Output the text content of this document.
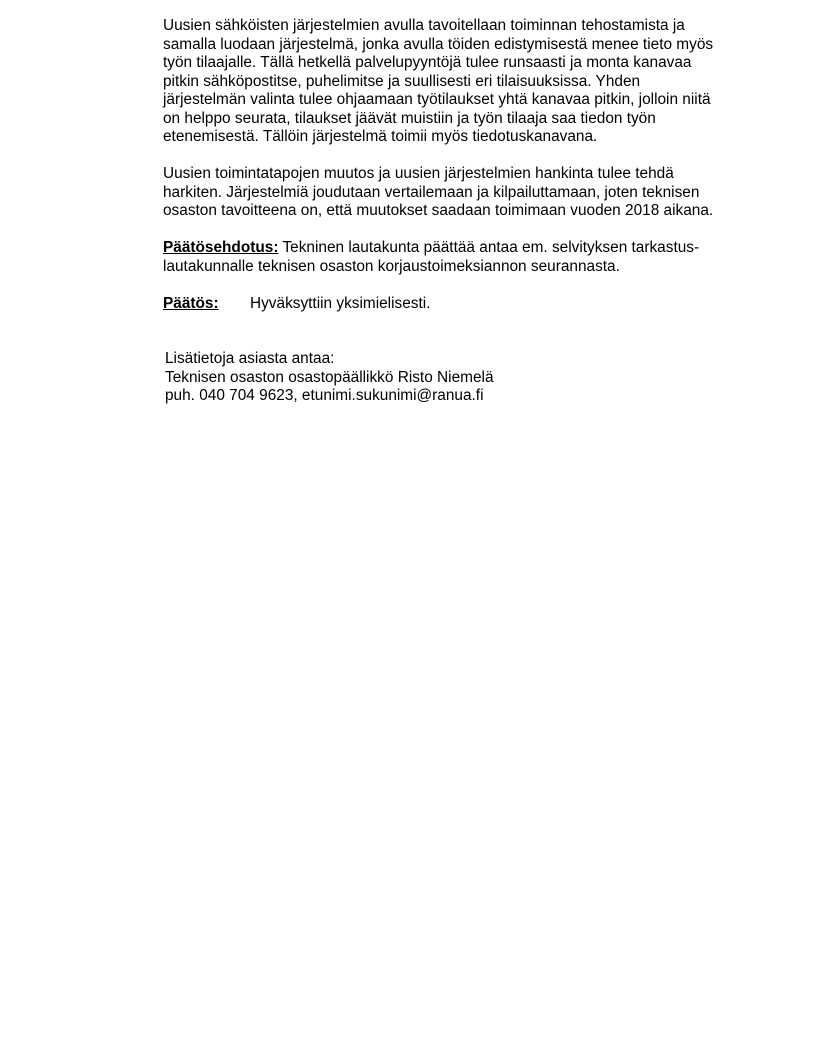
Uusien sähköisten järjestelmien avulla tavoitellaan toiminnan tehostamista ja
samalla luodaan järjestelmä, jonka avulla töiden edistymisestä menee tieto myös
työn tilaajalle. Tällä hetkellä palvelupyyntöjä tulee runsaasti ja monta kanavaa
pitkin sähköpostitse, puhelimitse ja suullisesti eri tilaisuuksissa. Yhden
järjestelmän valinta tulee ohjaamaan työtilaukset yhtä kanavaa pitkin, jolloin niitä
on helppo seurata, tilaukset jäävät muistiin ja työn tilaaja saa tiedon työn
etenemisestä. Tällöin järjestelmä toimii myös tiedotuskanavana.

Uusien toimintatapojen muutos ja uusien järjestelmien hankinta tulee tehdä
harkiten. Järjestelmiä joudutaan vertailemaan ja kilpailuttamaan, joten teknisen
osaston tavoitteena on, että muutokset saadaan toimimaan vuoden 2018 aikana.

Päätösehdotus: Tekninen lautakunta päättää antaa em. selvityksen tarkastus-
lautakunnalle teknisen osaston korjaustoimeksiannon seurannasta.

Päätös: Hyväksyttiin yksimielisesti.

Lisätietoja asiasta antaa:
Teknisen osaston osastopäällikkö Risto Niemelä
puh. 040 704 9623, etunimi.sukunimi@ranua.fi
